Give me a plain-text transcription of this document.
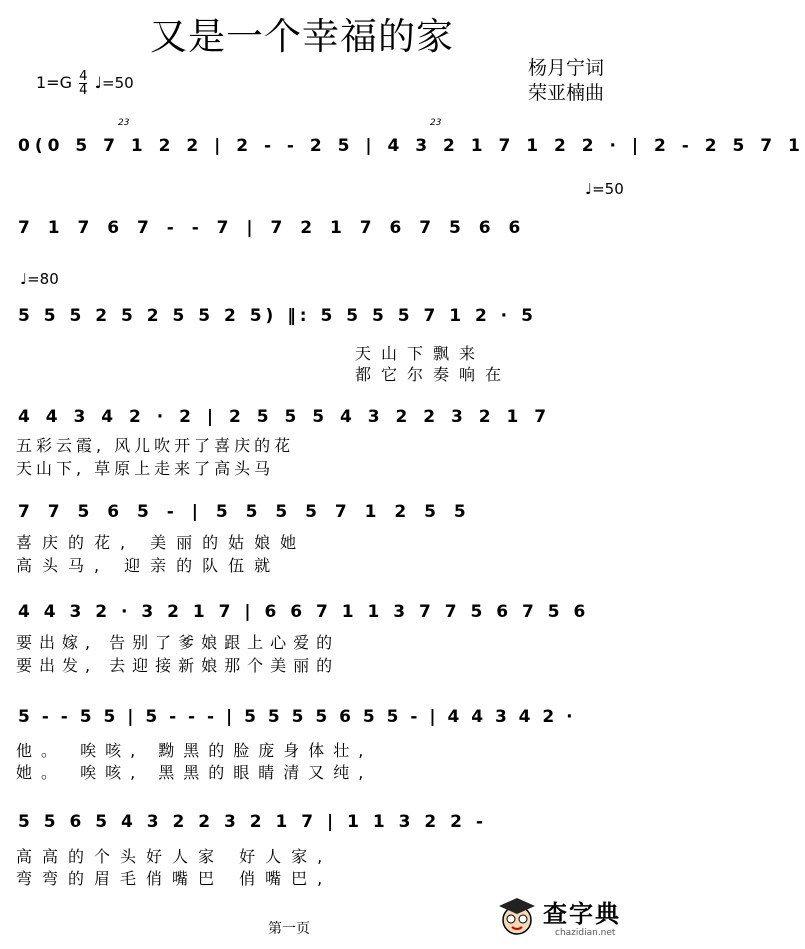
又是一个幸福的家
杨月宁词
荣亚楠曲
$1=G \frac{4}{4}$ ♩=50
♩=50
♩=80
23	23
0(0 5 7 1 2 2 | 2 - - 2 5 | 4 3 2 1 7 1 2 2 · | 2 - 2 5 7 1
7 1 7 6 7 - - 7 | 7 2 1 7 6 7 5 6 6
5 5 5 2 5 2 5 5 2 5) ‖: 5 5 5 5 7 1 2 · 5
4 4 3 4 2 · 2 | 2 5 5 5 4 3 2 2 3 2 1 7
7 7 5 6 5 - | 5 5 5 5 7 1 2 5 5
4 4 3 2 · 3 2 1 7 | 6 6 7 1 1 3 7 7 5 6 7 5 6
5 - - 5 5 | 5 - - - | 5 5 5 5 6 5 5 - | 4 4 3 4 2 ·
5 5 6 5 4 3 2 2 3 2 1 7 | 1 1 3 2 2 -
天山下飘来
都它尔奏响在
五彩云霞, 风儿吹开了喜庆的花
天山下, 草原上走来了高头马
喜庆的花, 美丽的姑娘她
高头马, 迎亲的队伍就
要出嫁, 告别了爹娘跟上心爱的
要出发, 去迎接新娘那个美丽的
他。 唉咳, 黝黑的脸庞身体壮,
她。 唉咳, 黑黑的眼睛清又纯,
高高的个头好人家 好人家,
弯弯的眉毛俏嘴巴 俏嘴巴,
第一页
查字典
chazidian.net
